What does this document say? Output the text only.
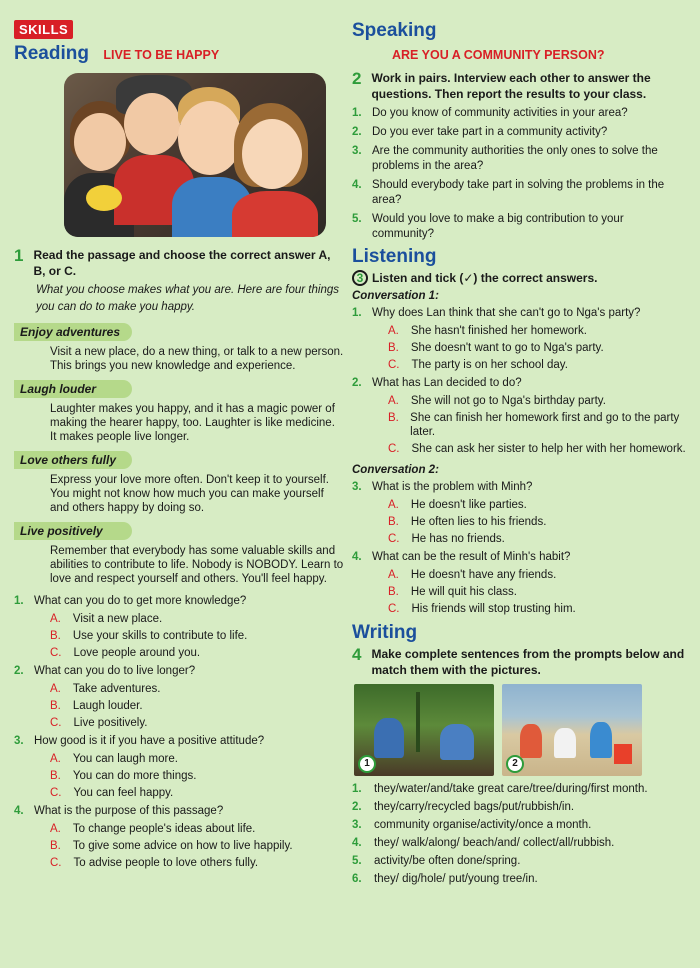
SKILLS
Reading LIVE TO BE HAPPY
1 Read the passage and choose the correct answer A, B, or C.
What you choose makes what you are. Here are four things you can do to make you happy.
Enjoy adventures
Visit a new place, do a new thing, or talk to a new person. This brings you new knowledge and experience.
Laugh louder
Laughter makes you happy, and it has a magic power of making the hearer happy, too. Laughter is like medicine. It makes people live longer.
Love others fully
Express your love more often. Don't keep it to yourself. You might not know how much you can make yourself and others happy by doing so.
Live positively
Remember that everybody has some valuable skills and abilities to contribute to life. Nobody is NOBODY. Learn to love and respect yourself and others. You'll feel happy.
1. What can you do to get more knowledge?
A. Visit a new place.
B. Use your skills to contribute to life.
C. Love people around you.
2. What can you do to live longer?
A. Take adventures.
B. Laugh louder.
C. Live positively.
3. How good is it if you have a positive attitude?
A. You can laugh more.
B. You can do more things.
C. You can feel happy.
4. What is the purpose of this passage?
A. To change people's ideas about life.
B. To give some advice on how to live happily.
C. To advise people to love others fully.
Speaking
ARE YOU A COMMUNITY PERSON?
2 Work in pairs. Interview each other to answer the questions. Then report the results to your class.
1. Do you know of community activities in your area?
2. Do you ever take part in a community activity?
3. Are the community authorities the only ones to solve the problems in the area?
4. Should everybody take part in solving the problems in the area?
5. Would you love to make a big contribution to your community?
Listening
3 Listen and tick (✓) the correct answers.
Conversation 1:
1. Why does Lan think that she can't go to Nga's party?
A. She hasn't finished her homework.
B. She doesn't want to go to Nga's party.
C. The party is on her school day.
2. What has Lan decided to do?
A. She will not go to Nga's birthday party.
B. She can finish her homework first and go to the party later.
C. She can ask her sister to help her with her homework.
Conversation 2:
3. What is the problem with Minh?
A. He doesn't like parties.
B. He often lies to his friends.
C. He has no friends.
4. What can be the result of Minh's habit?
A. He doesn't have any friends.
B. He will quit his class.
C. His friends will stop trusting him.
Writing
4 Make complete sentences from the prompts below and match them with the pictures.
1	2
1. they/water/and/take great care/tree/during/first month.
2. they/carry/recycled bags/put/rubbish/in.
3. community organise/activity/once a month.
4. they/ walk/along/ beach/and/ collect/all/rubbish.
5. activity/be often done/spring.
6. they/ dig/hole/ put/young tree/in.
